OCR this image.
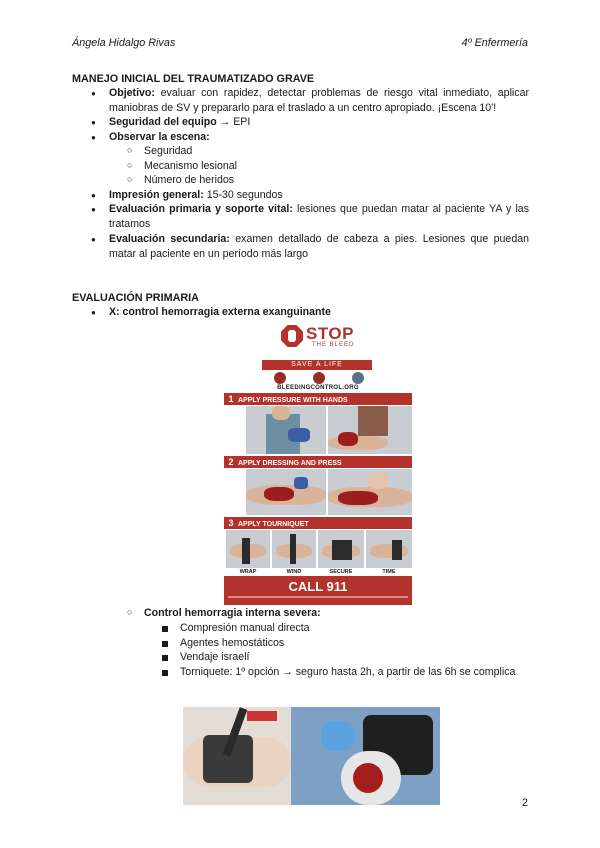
Ángela Hidalgo Rivas	4º Enfermería
MANEJO INICIAL DEL TRAUMATIZADO GRAVE
● Objetivo: evaluar con rapidez, detectar problemas de riesgo vital inmediato, aplicar maniobras de SV y prepararlo para el traslado a un centro apropiado. ¡Escena 10'!
● Seguridad del equipo → EPI
● Observar la escena:
○ Seguridad
○ Mecanismo lesional
○ Número de heridos
● Impresión general: 15-30 segundos
● Evaluación primaria y soporte vital: lesiones que puedan matar al paciente YA y las tratamos
● Evaluación secundaria: examen detallado de cabeza a pies. Lesiones que puedan matar al paciente en un período más largo
EVALUACIÓN PRIMARIA
● X: control hemorragia externa exanguinante
STOP
THE BLEED
SAVE A LIFE
BLEEDINGCONTROL.ORG
1 APPLY PRESSURE WITH HANDS
2 APPLY DRESSING AND PRESS
3 APPLY TOURNIQUET
WRAP	WIND	SECURE	TIME
CALL 911
○ Control hemorragia interna severa:
Compresión manual directa
Agentes hemostáticos
Vendaje israelí
Torniquete: 1º opción → seguro hasta 2h, a partir de las 6h se complica
2
